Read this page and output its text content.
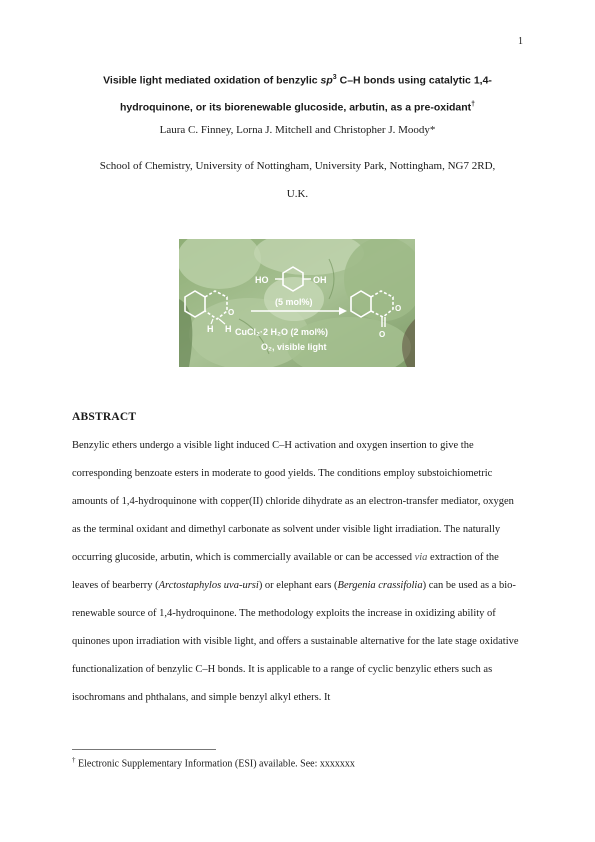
1
Visible light mediated oxidation of benzylic $sp^3$ C–H bonds using catalytic 1,4-
hydroquinone, or its biorenewable glucoside, arbutin, as a pre-oxidant†
Laura C. Finney, Lorna J. Mitchell and Christopher J. Moody*
School of Chemistry, University of Nottingham, University Park, Nottingham, NG7 2RD,
U.K.
HO	OH
(5 mol%)
O
H H
O
O
CuCl₂·2 H₂O (2 mol%)
O₂, visible light
ABSTRACT
Benzylic ethers undergo a visible light induced C–H activation and oxygen insertion to give the corresponding benzoate esters in moderate to good yields. The conditions employ substoichiometric amounts of 1,4-hydroquinone with copper(II) chloride dihydrate as an electron-transfer mediator, oxygen as the terminal oxidant and dimethyl carbonate as solvent under visible light irradiation. The naturally occurring glucoside, arbutin, which is commercially available or can be accessed via extraction of the leaves of bearberry (Arctostaphylos uva-ursi) or elephant ears (Bergenia crassifolia) can be used as a bio-renewable source of 1,4-hydroquinone. The methodology exploits the increase in oxidizing ability of quinones upon irradiation with visible light, and offers a sustainable alternative for the late stage oxidative functionalization of benzylic C–H bonds. It is applicable to a range of cyclic benzylic ethers such as isochromans and phthalans, and simple benzyl alkyl ethers. It
† Electronic Supplementary Information (ESI) available. See: xxxxxxx
